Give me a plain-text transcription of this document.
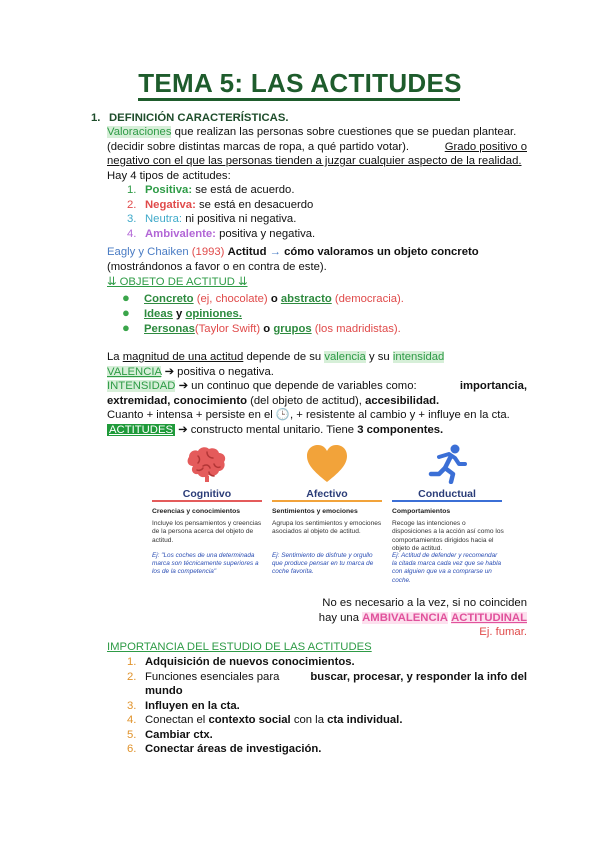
TEMA 5: LAS ACTITUDES
1. DEFINICIÓN CARACTERÍSTICAS.
Valoraciones que realizan las personas sobre cuestiones que se puedan plantear.
(decidir sobre distintas marcas de ropa, a qué partido votar).	Grado positivo o
negativo con el que las personas tienden a juzgar cualquier aspecto de la realidad.
Hay 4 tipos de actitudes:
1. Positiva: se está de acuerdo.
2. Negativa: se está en desacuerdo
3. Neutra: ni positiva ni negativa.
4. Ambivalente: positiva y negativa.
Eagly y Chaiken (1993) Actitud → cómo valoramos un objeto concreto
(mostrándonos a favor o en contra de este).
⇊ OBJETO DE ACTITUD ⇊
● Concreto (ej, chocolate) o abstracto (democracia).
● Ideas y opiniones.
● Personas(Taylor Swift) o grupos (los madridistas).
La magnitud de una actitud depende de su valencia y su intensidad
VALENCIA ➔ positiva o negativa.
INTENSIDAD ➔ un continuo que depende de variables como:	importancia,
extremidad, conocimiento (del objeto de actitud), accesibilidad.
Cuanto + intensa + persiste en el 🕒, + resistente al cambio y + influye en la cta.
ACTITUDES ➔ constructo mental unitario. Tiene 3 componentes.
Cognitivo
Creencias y conocimientos
Incluye los pensamientos y creencias de la persona acerca del objeto de actitud.
Ej: "Los coches de una determinada marca son técnicamente superiores a los de la competencia"
Afectivo
Sentimientos y emociones
Agrupa los sentimientos y emociones asociados al objeto de actitud.
Ej: Sentimiento de disfrute y orgullo que produce pensar en tu marca de coche favorita.
Conductual
Comportamientos
Recoge las intenciones o disposiciones a la acción así como los comportamientos dirigidos hacia el objeto de actitud.
Ej: Actitud de defender y recomendar la citada marca cada vez que se habla con alguien que va a comprarse un coche.
No es necesario a la vez, si no coinciden
hay una AMBIVALENCIA ACTITUDINAL
Ej. fumar.
IMPORTANCIA DEL ESTUDIO DE LAS ACTITUDES
1. Adquisición de nuevos conocimientos.
2. Funciones esenciales para	buscar, procesar, y responder la info del
mundo
3. Influyen en la cta.
4. Conectan el contexto social con la cta individual.
5. Cambiar ctx.
6. Conectar áreas de investigación.
